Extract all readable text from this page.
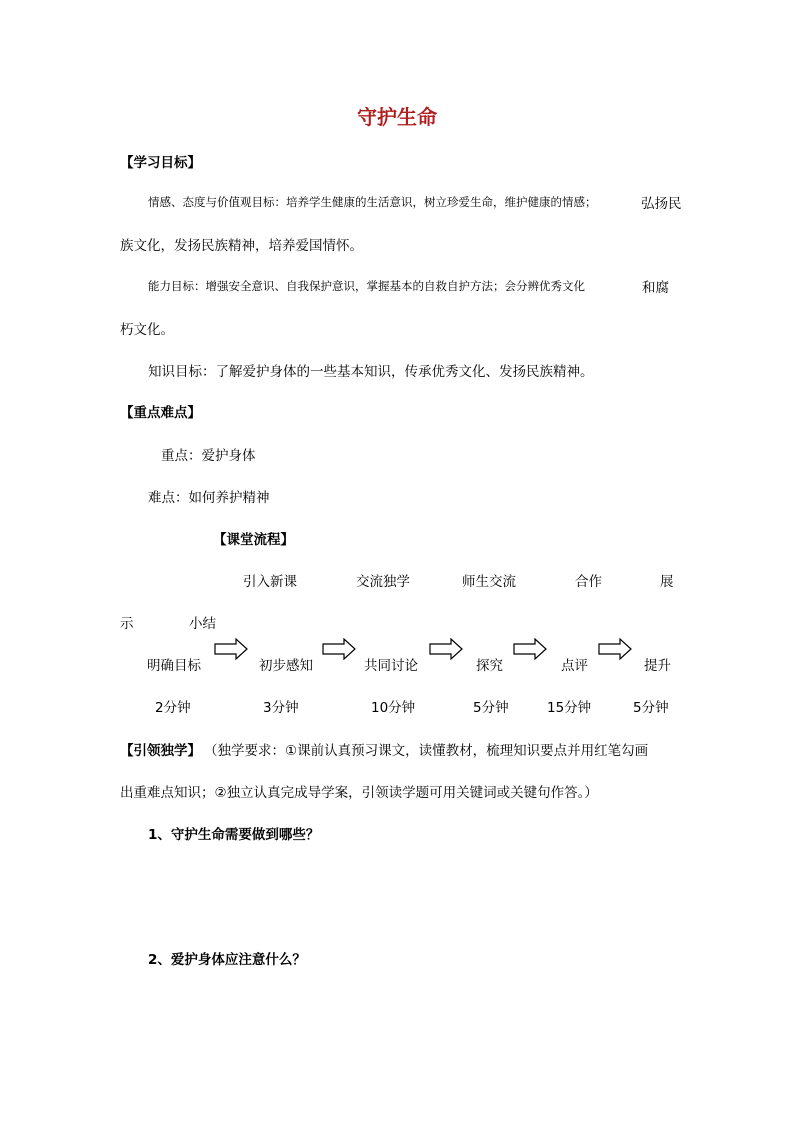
守护生命
【学习目标】
情感、态度与价值观目标：培养学生健康的生活意识，树立珍爱生命，维护健康的情感；	弘扬民
族文化，发扬民族精神，培养爱国情怀。
能力目标：增强安全意识、自我保护意识，掌握基本的自救自护方法；会分辨优秀文化	和腐
朽文化。
知识目标：了解爱护身体的一些基本知识，传承优秀文化、发扬民族精神。
【重点难点】
重点：爱护身体
难点：如何养护精神
【课堂流程】
引入新课	交流独学	师生交流	合作	展
示	小结
明确目标	初步感知	共同讨论	探究	点评	提升
2分钟	3分钟	10分钟	5分钟	15分钟	5分钟
【引领独学】 （独学要求：①课前认真预习课文，读懂教材，梳理知识要点并用红笔勾画
出重难点知识；②独立认真完成导学案，引领读学题可用关键词或关键句作答。）
1、守护生命需要做到哪些？
2、爱护身体应注意什么？
